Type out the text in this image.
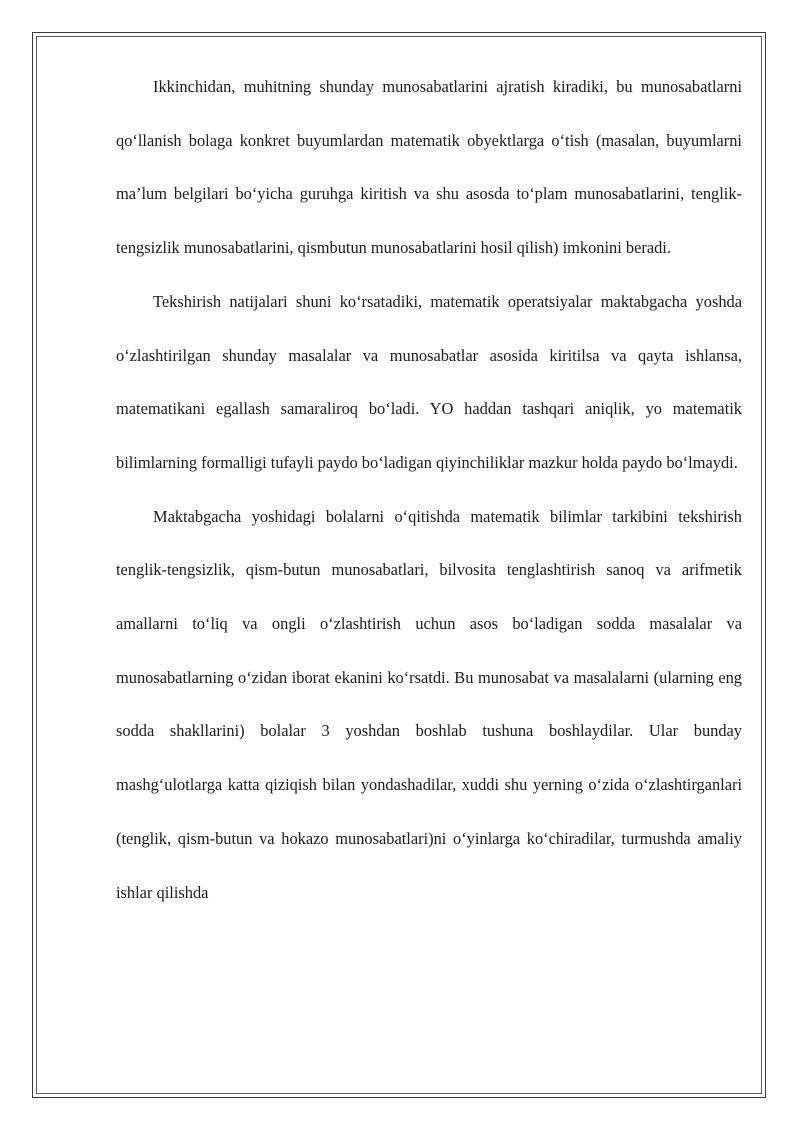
Ikkinchidan, muhitning shunday munosabatlarini ajratish kiradiki, bu munosabatlarni qo‘llanish bolaga konkret buyumlardan matematik obyektlarga o‘tish (masalan, buyumlarni ma’lum belgilari bo‘yicha guruhga kiritish va shu asosda to‘plam munosabatlarini, tenglik-tengsizlik munosabatlarini, qismbutun munosabatlarini hosil qilish) imkonini beradi.

Tekshirish natijalari shuni ko‘rsatadiki, matematik operatsiyalar maktabgacha yoshda o‘zlashtirilgan shunday masalalar va munosabatlar asosida kiritilsa va qayta ishlansa, matematikani egallash samaraliroq bo‘ladi. YO haddan tashqari aniqlik, yo matematik bilimlarning formalligi tufayli paydo bo‘ladigan qiyinchiliklar mazkur holda paydo bo‘lmaydi.

Maktabgacha yoshidagi bolalarni o‘qitishda matematik bilimlar tarkibini tekshirish tenglik-tengsizlik, qism-butun munosabatlari, bilvosita tenglashtirish sanoq va arifmetik amallarni to‘liq va ongli o‘zlashtirish uchun asos bo‘ladigan sodda masalalar va munosabatlarning o‘zidan iborat ekanini ko‘rsatdi. Bu munosabat va masalalarni (ularning eng sodda shakllarini) bolalar 3 yoshdan boshlab tushuna boshlaydilar. Ular bunday mashg‘ulotlarga katta qiziqish bilan yondashadilar, xuddi shu yerning o‘zida o‘zlashtirganlari (tenglik, qism-butun va hokazo munosabatlari)ni o‘yinlarga ko‘chiradilar, turmushda amaliy ishlar qilishda
